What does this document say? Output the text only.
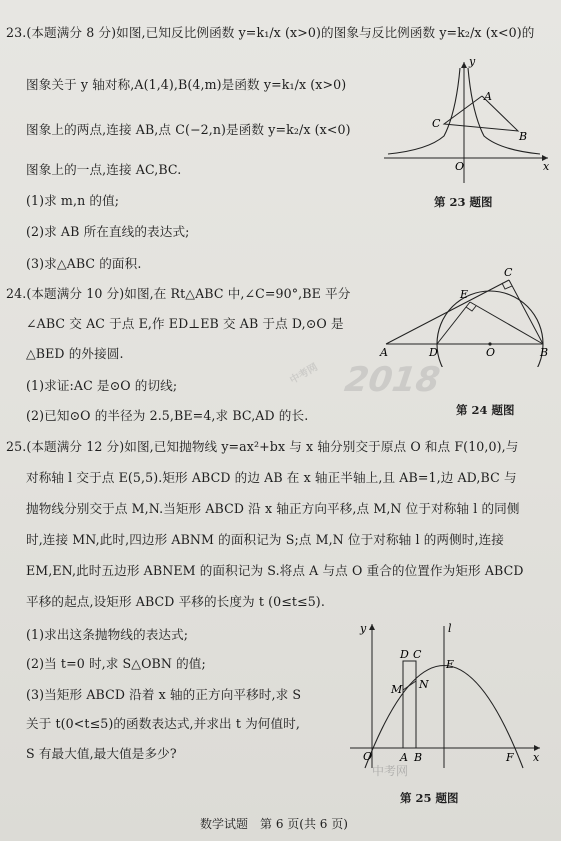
2018
中考网
中考网
23.(本题满分 8 分)如图,已知反比例函数 y=k₁/x (x>0)的图象与反比例函数 y=k₂/x (x<0)的
图象关于 y 轴对称,A(1,4),B(4,m)是函数 y=k₁/x (x>0)
图象上的两点,连接 AB,点 C(−2,n)是函数 y=k₂/x (x<0)
图象上的一点,连接 AC,BC.
(1)求 m,n 的值;
(2)求 AB 所在直线的表达式;
(3)求△ABC 的面积.
y
x
O
A
B
C
第 23 题图
24.(本题满分 10 分)如图,在 Rt△ABC 中,∠C=90°,BE 平分
∠ABC 交 AC 于点 E,作 ED⊥EB 交 AB 于点 D,⊙O 是
△BED 的外接圆.
(1)求证:AC 是⊙O 的切线;
(2)已知⊙O 的半径为 2.5,BE=4,求 BC,AD 的长.
A	B
C
D
E
O
第 24 题图
25.(本题满分 12 分)如图,已知抛物线 y=ax²+bx 与 x 轴分别交于原点 O 和点 F(10,0),与
对称轴 l 交于点 E(5,5).矩形 ABCD 的边 AB 在 x 轴正半轴上,且 AB=1,边 AD,BC 与
抛物线分别交于点 M,N.当矩形 ABCD 沿 x 轴正方向平移,点 M,N 位于对称轴 l 的同侧
时,连接 MN,此时,四边形 ABNM 的面积记为 S;点 M,N 位于对称轴 l 的两侧时,连接
EM,EN,此时五边形 ABNEM 的面积记为 S.将点 A 与点 O 重合的位置作为矩形 ABCD
平移的起点,设矩形 ABCD 平移的长度为 t (0≤t≤5).
(1)求出这条抛物线的表达式;
(2)当 t=0 时,求 S△OBN 的值;
(3)当矩形 ABCD 沿着 x 轴的正方向平移时,求 S
关于 t(0<t≤5)的函数表达式,并求出 t 为何值时,
S 有最大值,最大值是多少?
y	l
D C
E
M N
O	A B	F x
第 25 题图
数学试题　第 6 页(共 6 页)
